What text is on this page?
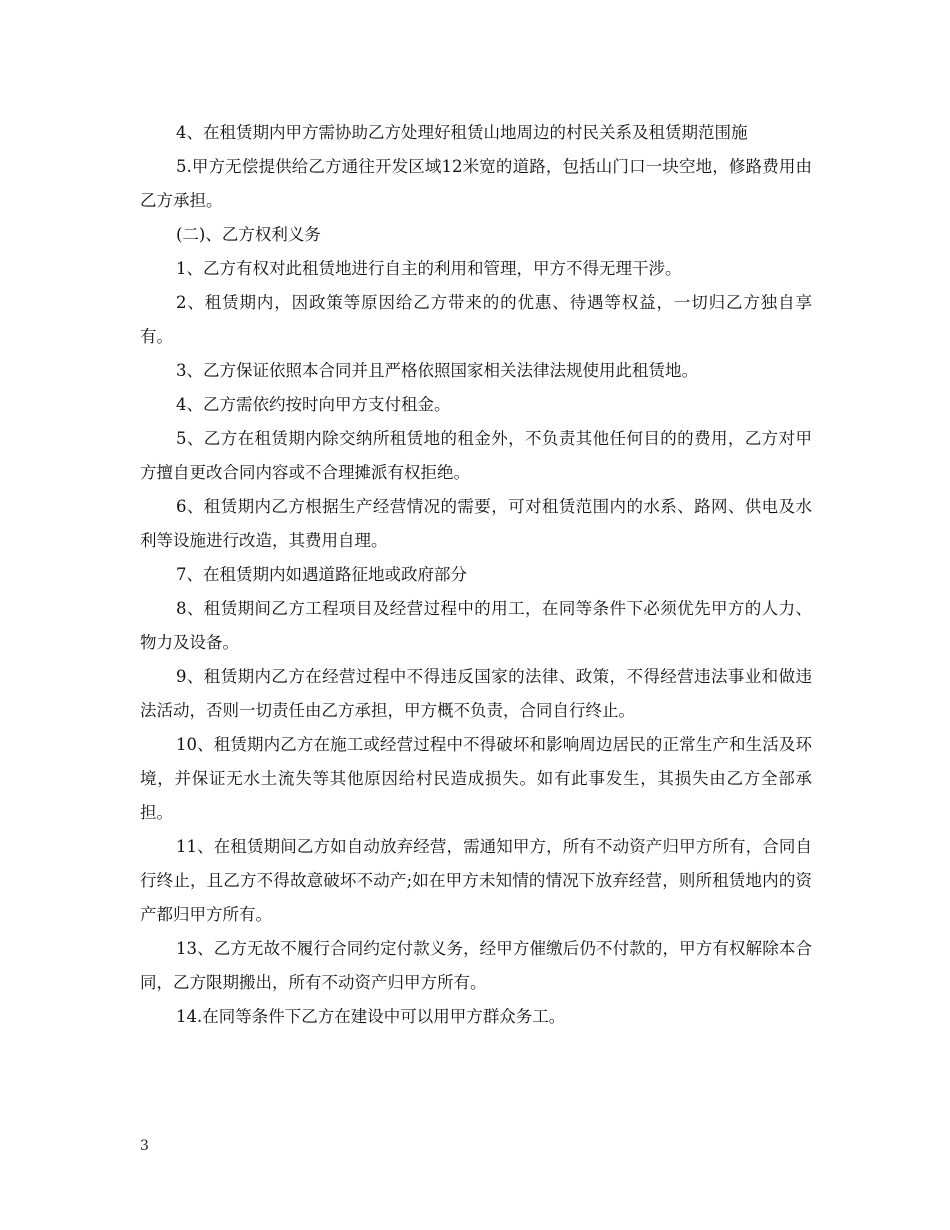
4、在租赁期内甲方需协助乙方处理好租赁山地周边的村民关系及租赁期范围施

5.甲方无偿提供给乙方通往开发区域12米宽的道路，包括山门口一块空地，修路费用由乙方承担。

(二)、乙方权利义务

1、乙方有权对此租赁地进行自主的利用和管理，甲方不得无理干涉。

2、租赁期内，因政策等原因给乙方带来的的优惠、待遇等权益，一切归乙方独自享有。

3、乙方保证依照本合同并且严格依照国家相关法律法规使用此租赁地。

4、乙方需依约按时向甲方支付租金。

5、乙方在租赁期内除交纳所租赁地的租金外，不负责其他任何目的的费用，乙方对甲方擅自更改合同内容或不合理摊派有权拒绝。

6、租赁期内乙方根据生产经营情况的需要，可对租赁范围内的水系、路网、供电及水利等设施进行改造，其费用自理。

7、在租赁期内如遇道路征地或政府部分

8、租赁期间乙方工程项目及经营过程中的用工，在同等条件下必须优先甲方的人力、物力及设备。

9、租赁期内乙方在经营过程中不得违反国家的法律、政策，不得经营违法事业和做违法活动，否则一切责任由乙方承担，甲方概不负责，合同自行终止。

10、租赁期内乙方在施工或经营过程中不得破坏和影响周边居民的正常生产和生活及环境，并保证无水土流失等其他原因给村民造成损失。如有此事发生，其损失由乙方全部承担。

11、在租赁期间乙方如自动放弃经营，需通知甲方，所有不动资产归甲方所有，合同自行终止，且乙方不得故意破坏不动产;如在甲方未知情的情况下放弃经营，则所租赁地内的资产都归甲方所有。

13、乙方无故不履行合同约定付款义务，经甲方催缴后仍不付款的，甲方有权解除本合同，乙方限期搬出，所有不动资产归甲方所有。

14.在同等条件下乙方在建设中可以用甲方群众务工。

3
